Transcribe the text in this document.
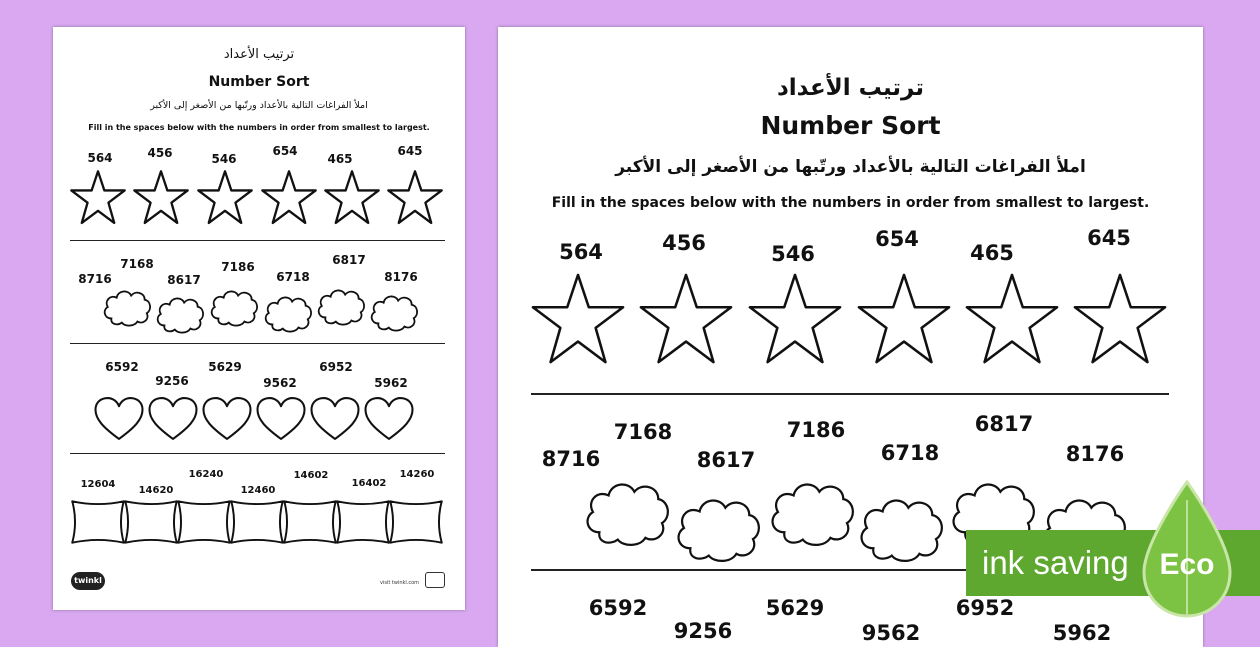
ترتيب الأعداد
Number Sort
املأ الفراغات التالية بالأعداد ورتّبها من الأصغر إلى الأكبر
Fill in the spaces below with the numbers in order from smallest to largest.
564	456	546
654
465
645
8716
7168
8617
7186
6718
6817
8176
6592
9256
5629
9562
6952
5962
12604
14620
16240
12460
14602
16402
14260
twinkl	visit twinkl.com
ترتيب الأعداد
Number Sort
املأ الفراغات التالية بالأعداد ورتّبها من الأصغر إلى الأكبر
Fill in the spaces below with the numbers in order from smallest to largest.
564	456	546
654
465
645
8716
7168
8617
7186
6718
6817
8176
6592
9256
5629
9562
6952
5962
ink saving Eco
